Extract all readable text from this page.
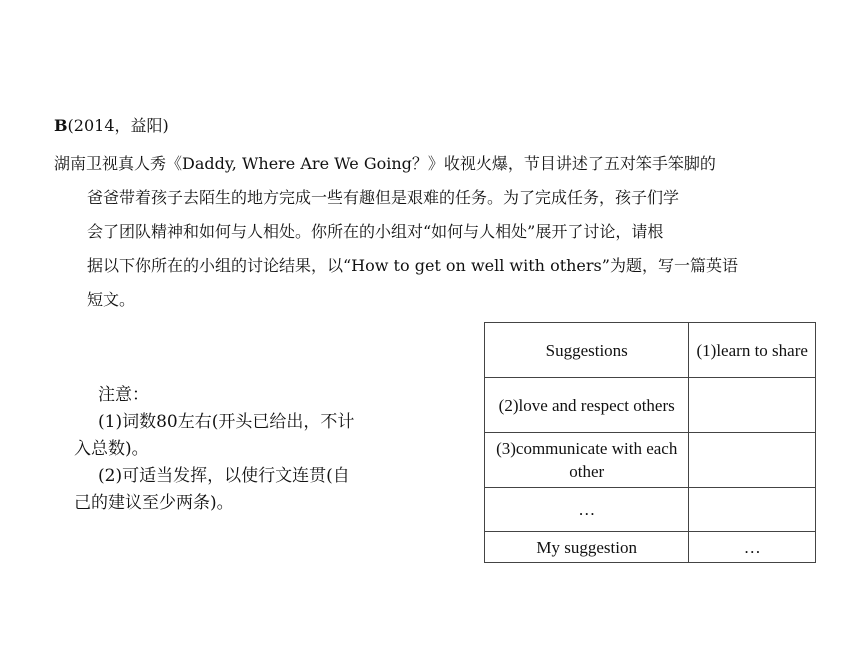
B(2014，益阳)
湖南卫视真人秀《Daddy, Where Are We Going？》收视火爆，节目讲述了五对笨手笨脚的
爸爸带着孩子去陌生的地方完成一些有趣但是艰难的任务。为了完成任务，孩子们学
会了团队精神和如何与人相处。你所在的小组对“如何与人相处”展开了讨论，请根
据以下你所在的小组的讨论结果，以“How to get on well with others”为题，写一篇英语
短文。
注意：
(1)词数80左右(开头已给出，不计
入总数)。
(2)可适当发挥，以使行文连贯(自
己的建议至少两条)。
Suggestions	(1)learn to share
(2)love and respect others	
(3)communicate with each other	
…	
My suggestion	…
